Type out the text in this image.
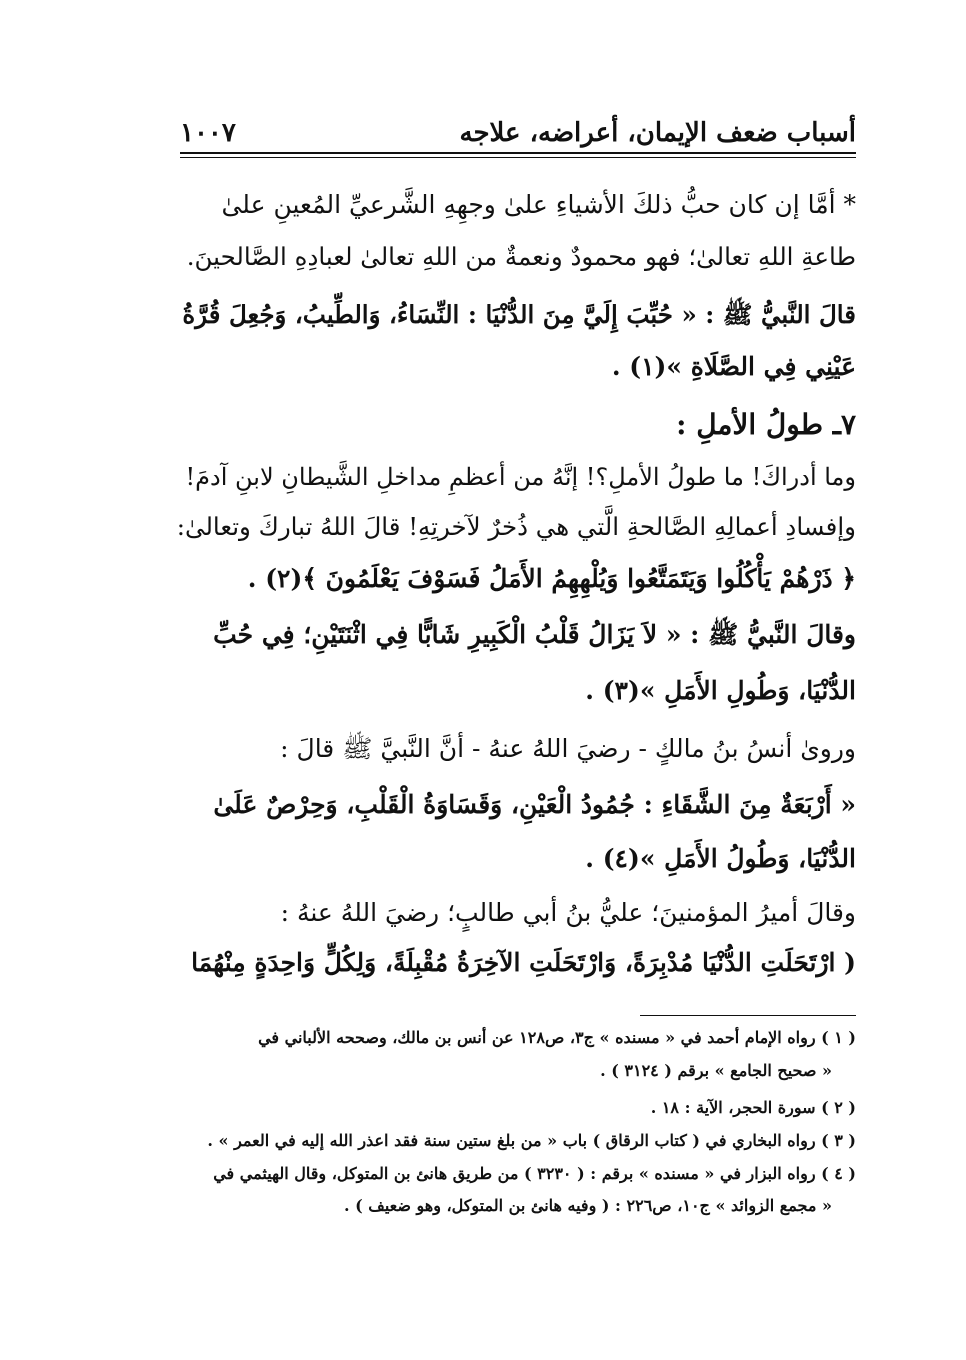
أسباب ضعف الإيمان، أعراضه، علاجه
١٠٠٧
* أمَّا إن كان حبُّ ذلكَ الأشياءِ علىٰ وجهِهِ الشَّرعيِّ المُعينِ علىٰ
طاعةِ اللهِ تعالىٰ؛ فهو محمودٌ ونعمةٌ من اللهِ تعالىٰ لعبادِهِ الصَّالحينَ.
قالَ النَّبيُّ ﷺ : « حُبِّبَ إِلَيَّ مِنَ الدُّنْيَا : النِّسَاءُ، وَالطِّيبُ، وَجُعِلَ قُرَّةُ
عَيْنِي فِي الصَّلَاةِ »(١) .
٧ـ طولُ الأملِ :
وما أدراكَ! ما طولُ الأملِ؟! إنَّهُ من أعظمِ مداخلِ الشَّيطانِ لابنِ آدمَ!
وإفسادِ أعمالِهِ الصَّالحةِ الَّتي هي ذُخرٌ لآخرتِهِ! قالَ اللهُ تباركَ وتعالىٰ:
﴿ ذَرْهُمْ يَأْكُلُوا وَيَتَمَتَّعُوا وَيُلْهِهِمُ الأَمَلُ فَسَوْفَ يَعْلَمُونَ ﴾(٢) .
وقالَ النَّبيُّ ﷺ : « لاَ يَزَالُ قَلْبُ الْكَبِيرِ شَابًّا فِي اثْنَتَيْنِ؛ فِي حُبِّ
الدُّنْيَا، وَطُولِ الأَمَلِ »(٣) .
وروىٰ أنسُ بنُ مالكٍ - رضيَ اللهُ عنهُ - أنَّ النَّبيَّ ﷺ قالَ :
« أَرْبَعَةٌ مِنَ الشَّقَاءِ : جُمُودُ الْعَيْنِ، وَقَسَاوَةُ الْقَلْبِ، وَحِرْصٌ عَلَىٰ
الدُّنْيَا، وَطُولُ الأَمَلِ »(٤) .
وقالَ أميرُ المؤمنينَ؛ عليُّ بنُ أبي طالبٍ؛ رضيَ اللهُ عنهُ :
( ارْتَحَلَتِ الدُّنْيَا مُدْبِرَةً، وَارْتَحَلَتِ الآخِرَةُ مُقْبِلَةً، وَلِكُلٍّ وَاحِدَةٍ مِنْهُمَا
( ١ ) رواه الإمام أحمد في « مسنده » ج٣، ص١٢٨ عن أنس بن مالك، وصححه الألباني في
« صحيح الجامع » برقم ( ٣١٢٤ ) .
( ٢ ) سورة الحجر، الآية : ١٨ .
( ٣ ) رواه البخاري في ( كتاب الرقاق ) باب « من بلغ ستين سنة فقد اعذر الله إليه في العمر » .
( ٤ ) رواه البزار في « مسنده » برقم : ( ٣٢٣٠ ) من طريق هانئ بن المتوكل، وقال الهيثمي في
« مجمع الزوائد » ج١٠، ص٢٢٦ : ( وفيه هانئ بن المتوكل، وهو ضعيف ) .
